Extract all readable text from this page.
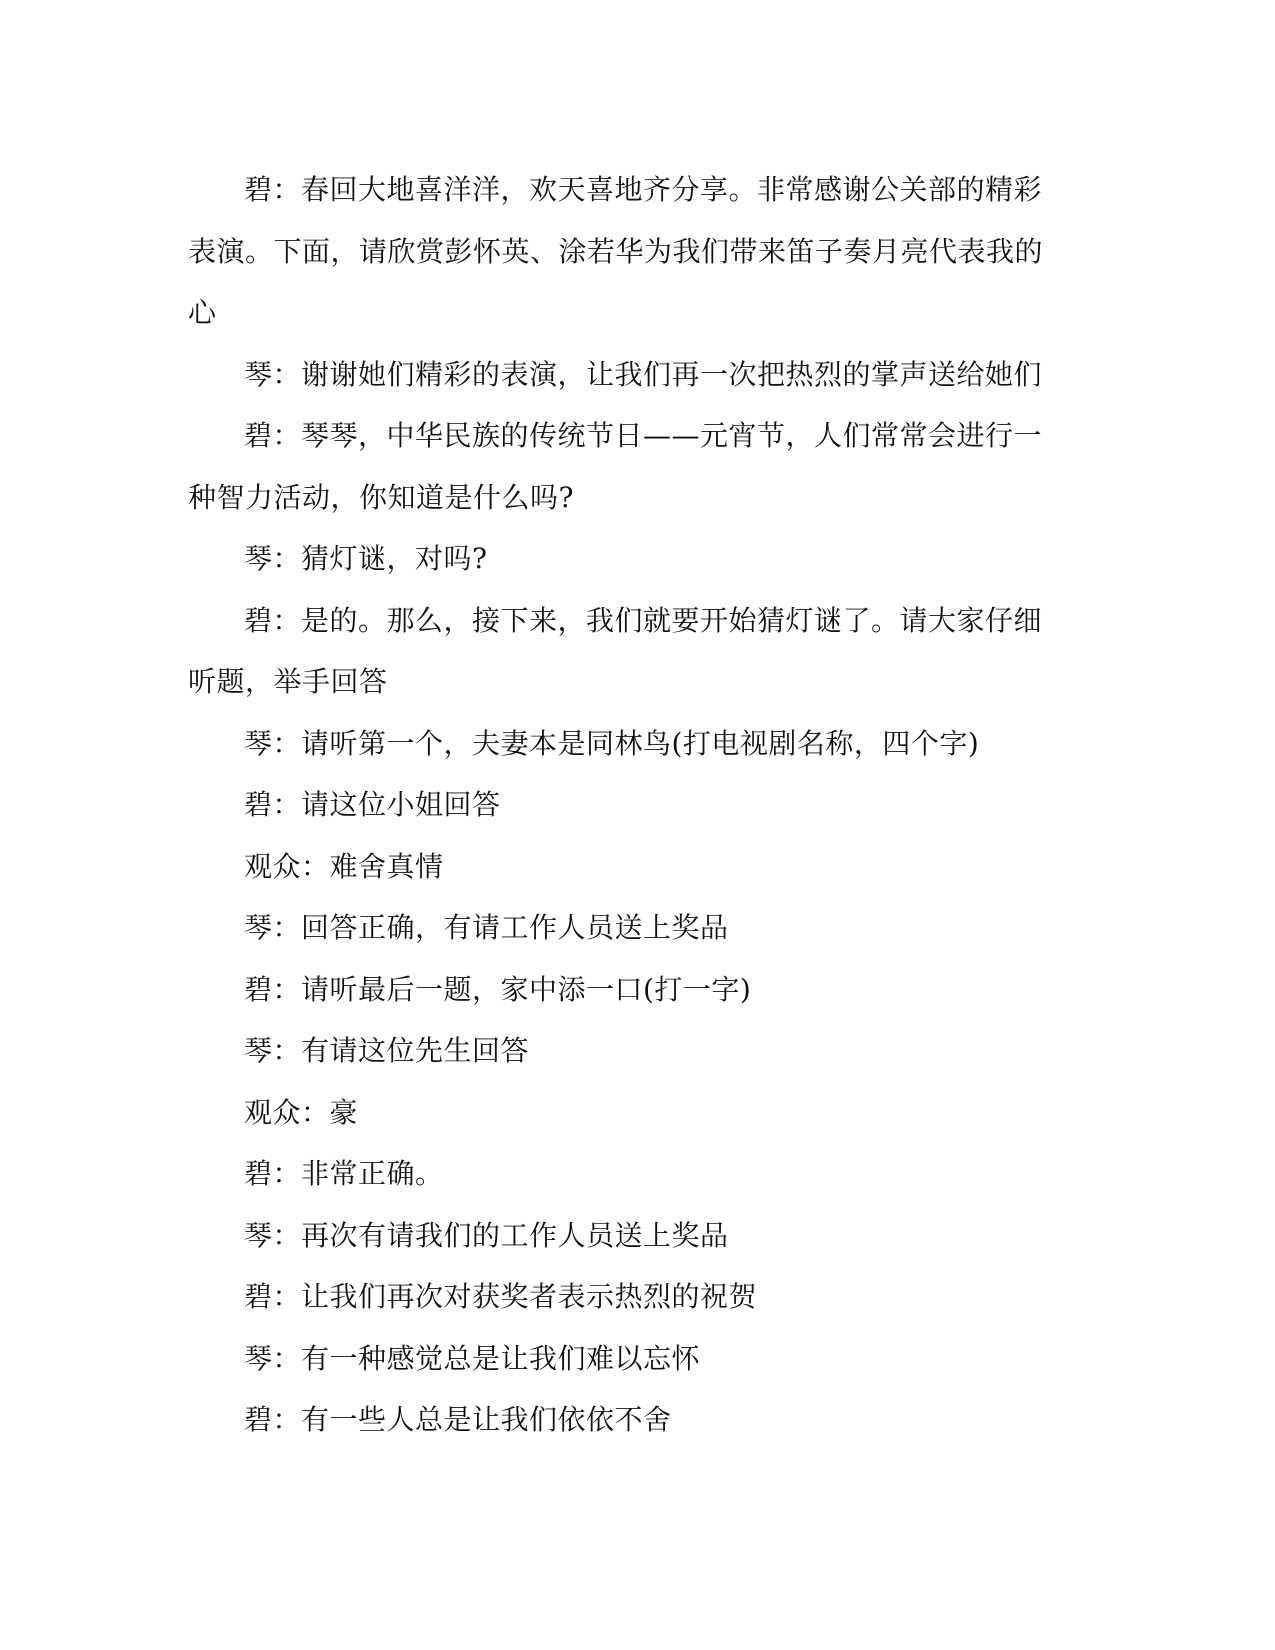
碧：春回大地喜洋洋，欢天喜地齐分享。非常感谢公关部的精彩表演。下面，请欣赏彭怀英、涂若华为我们带来笛子奏月亮代表我的心

琴：谢谢她们精彩的表演，让我们再一次把热烈的掌声送给她们

碧：琴琴，中华民族的传统节日——元宵节，人们常常会进行一种智力活动，你知道是什么吗?

琴：猜灯谜，对吗?

碧：是的。那么，接下来，我们就要开始猜灯谜了。请大家仔细听题，举手回答

琴：请听第一个，夫妻本是同林鸟(打电视剧名称，四个字)

碧：请这位小姐回答

观众：难舍真情

琴：回答正确，有请工作人员送上奖品

碧：请听最后一题，家中添一口(打一字)

琴：有请这位先生回答

观众：豪

碧：非常正确。

琴：再次有请我们的工作人员送上奖品

碧：让我们再次对获奖者表示热烈的祝贺

琴：有一种感觉总是让我们难以忘怀

碧：有一些人总是让我们依依不舍
